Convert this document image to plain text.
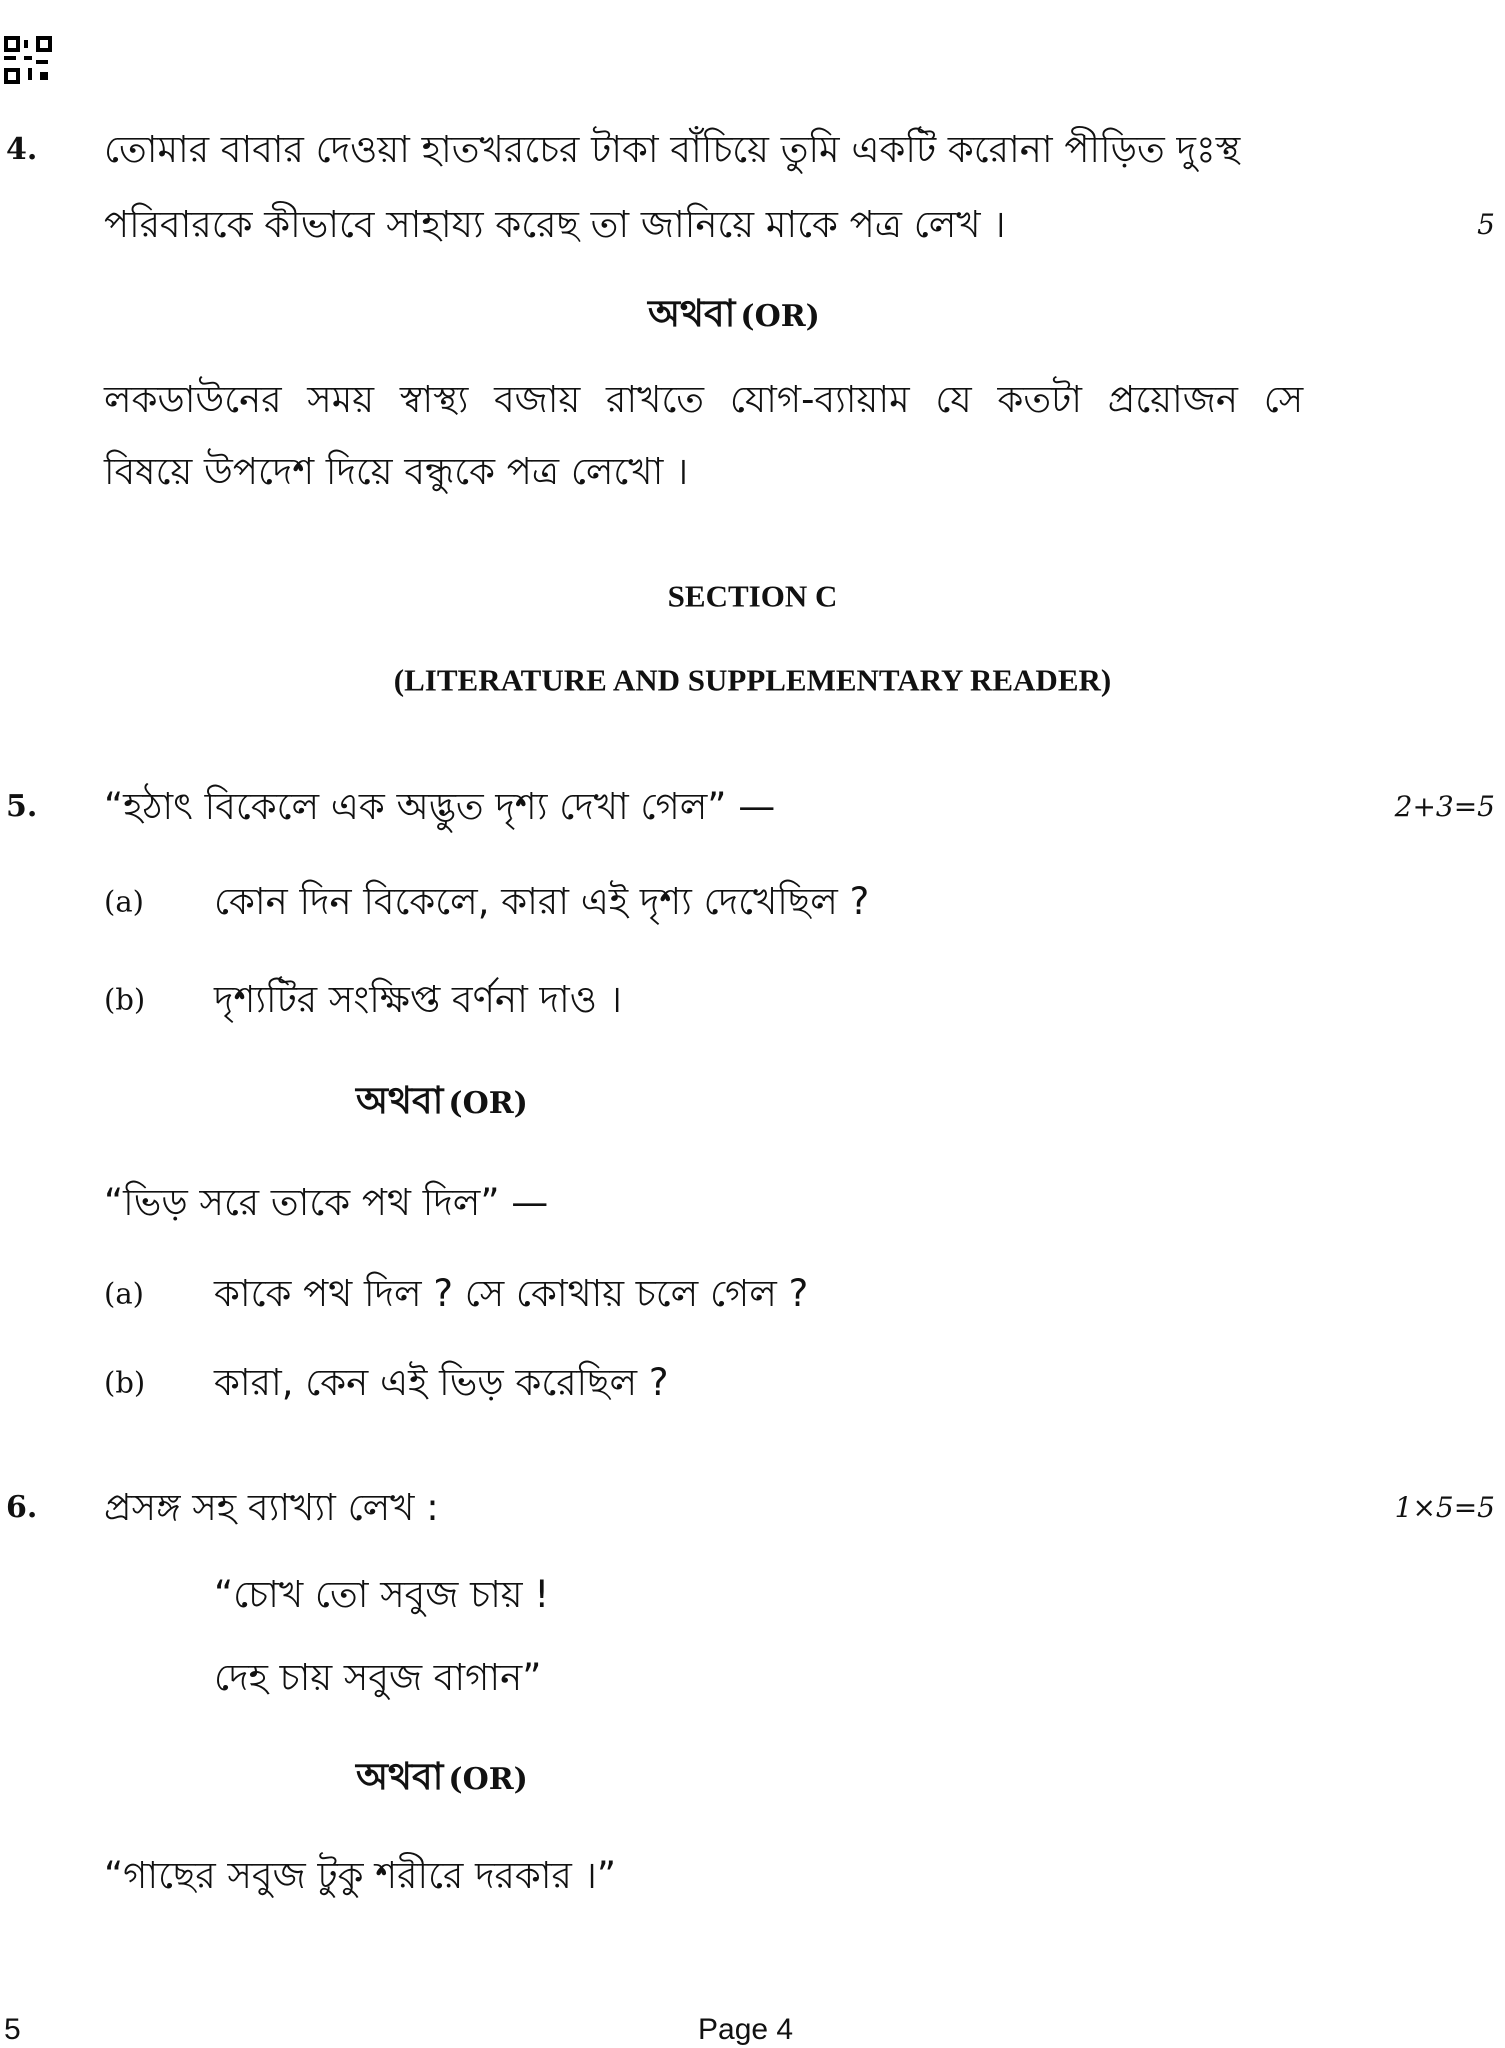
4. তোমার বাবার দেওয়া হাতখরচের টাকা বাঁচিয়ে তুমি একটি করোনা পীড়িত দুঃস্থ
পরিবারকে কীভাবে সাহায্য করেছ তা জানিয়ে মাকে পত্র লেখ ।	5
অথবা (OR)
লকডাউনের সময় স্বাস্থ্য বজায় রাখতে যোগ-ব্যায়াম যে কতটা প্রয়োজন সে
বিষয়ে উপদেশ দিয়ে বন্ধুকে পত্র লেখো ।
SECTION C
(LITERATURE AND SUPPLEMENTARY READER)
5. “হঠাৎ বিকেলে এক অদ্ভুত দৃশ্য দেখা গেল” —	2+3=5
(a) কোন দিন বিকেলে, কারা এই দৃশ্য দেখেছিল ?
(b) দৃশ্যটির সংক্ষিপ্ত বর্ণনা দাও ।
অথবা (OR)
“ভিড় সরে তাকে পথ দিল” —
(a) কাকে পথ দিল ? সে কোথায় চলে গেল ?
(b) কারা, কেন এই ভিড় করেছিল ?
6. প্রসঙ্গ সহ ব্যাখ্যা লেখ :	1×5=5
“চোখ তো সবুজ চায় !
দেহ চায় সবুজ বাগান”
অথবা (OR)
“গাছের সবুজ টুকু শরীরে দরকার ।”
5	Page 4
